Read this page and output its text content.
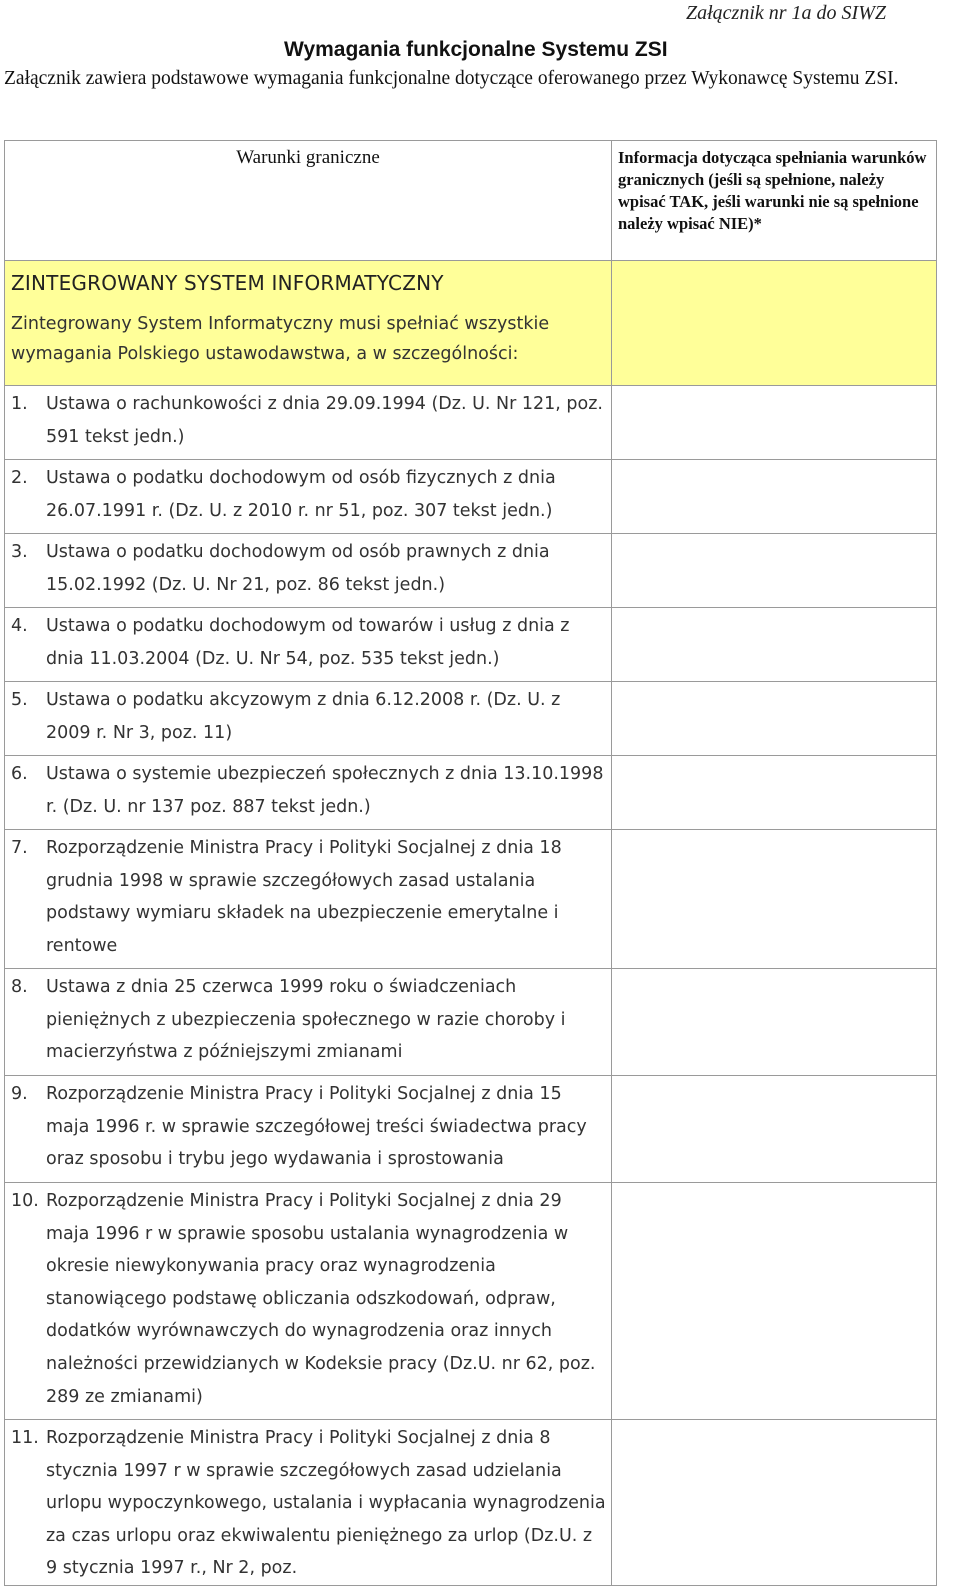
Załącznik nr 1a do SIWZ
Wymagania funkcjonalne Systemu ZSI
Załącznik zawiera podstawowe wymagania funkcjonalne dotyczące oferowanego przez Wykonawcę Systemu ZSI.
Warunki graniczne	Informacja dotycząca spełniania warunków granicznych (jeśli są spełnione, należy wpisać TAK, jeśli warunki nie są spełnione należy wpisać NIE)*

ZINTEGROWANY SYSTEM INFORMATYCZNY
Zintegrowany System Informatyczny musi spełniać wszystkie wymagania Polskiego ustawodawstwa, a w szczególności:	

1. Ustawa o rachunkowości z dnia 29.09.1994 (Dz. U. Nr 121, poz. 591 tekst jedn.)	

2. Ustawa o podatku dochodowym od osób fizycznych z dnia 26.07.1991 r. (Dz. U. z 2010 r. nr 51, poz. 307 tekst jedn.)	

3. Ustawa o podatku dochodowym od osób prawnych z dnia 15.02.1992 (Dz. U. Nr 21, poz. 86 tekst jedn.)	

4. Ustawa o podatku dochodowym od towarów i usług z dnia z dnia 11.03.2004 (Dz. U. Nr 54, poz. 535 tekst jedn.)	

5. Ustawa o podatku akcyzowym z dnia 6.12.2008 r. (Dz. U. z 2009 r. Nr 3, poz. 11)	

6. Ustawa o systemie ubezpieczeń społecznych z dnia 13.10.1998 r. (Dz. U. nr 137 poz. 887 tekst jedn.)	

7. Rozporządzenie Ministra Pracy i Polityki Socjalnej z dnia 18 grudnia 1998 w sprawie szczegółowych zasad ustalania podstawy wymiaru składek na ubezpieczenie emerytalne i rentowe	

8. Ustawa z dnia 25 czerwca 1999 roku o świadczeniach pieniężnych z ubezpieczenia społecznego w razie choroby i macierzyństwa z późniejszymi zmianami	

9. Rozporządzenie Ministra Pracy i Polityki Socjalnej z dnia 15 maja 1996 r. w sprawie szczegółowej treści świadectwa pracy oraz sposobu i trybu jego wydawania i sprostowania	

10. Rozporządzenie Ministra Pracy i Polityki Socjalnej z dnia 29 maja 1996 r w sprawie sposobu ustalania wynagrodzenia w okresie niewykonywania pracy oraz wynagrodzenia stanowiącego podstawę obliczania odszkodowań, odpraw, dodatków wyrównawczych do wynagrodzenia oraz innych należności przewidzianych w Kodeksie pracy (Dz.U. nr 62, poz. 289 ze zmianami)	

11. Rozporządzenie Ministra Pracy i Polityki Socjalnej z dnia 8 stycznia 1997 r w sprawie szczegółowych zasad udzielania urlopu wypoczynkowego, ustalania i wypłacania wynagrodzenia za czas urlopu oraz ekwiwalentu pieniężnego za urlop (Dz.U. z 9 stycznia 1997 r., Nr 2, poz.	
